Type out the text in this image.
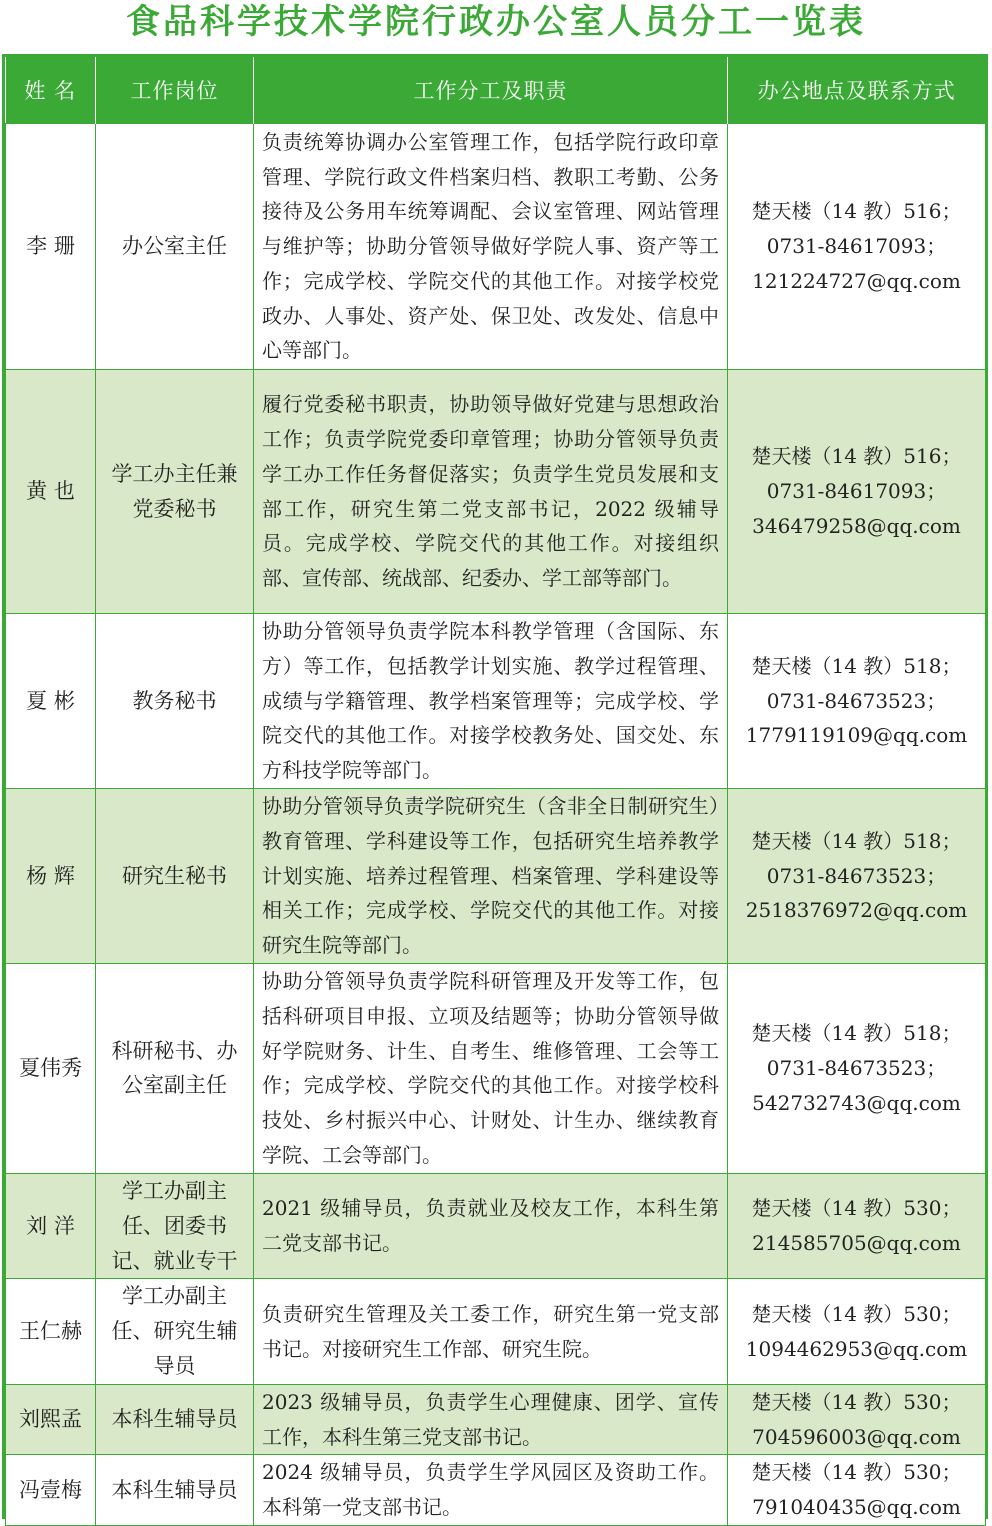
食品科学技术学院行政办公室人员分工一览表
姓 名	工作岗位	工作分工及职责	办公地点及联系方式
李 珊	办公室主任	负责统筹协调办公室管理工作，包括学院行政印章管理、学院行政文件档案归档、教职工考勤、公务接待及公务用车统筹调配、会议室管理、网站管理与维护等；协助分管领导做好学院人事、资产等工作；完成学校、学院交代的其他工作。对接学校党政办、人事处、资产处、保卫处、改发处、信息中心等部门。	楚天楼（14 教）516；
0731-84617093；
121224727@qq.com

黄 也	学工办主任兼党委秘书	履行党委秘书职责，协助领导做好党建与思想政治工作；负责学院党委印章管理；协助分管领导负责学工办工作任务督促落实；负责学生党员发展和支部工作，研究生第二党支部书记，2022 级辅导员。完成学校、学院交代的其他工作。对接组织部、宣传部、统战部、纪委办、学工部等部门。	楚天楼（14 教）516；
0731-84617093；
346479258@qq.com

夏 彬	教务秘书	协助分管领导负责学院本科教学管理（含国际、东方）等工作，包括教学计划实施、教学过程管理、成绩与学籍管理、教学档案管理等；完成学校、学院交代的其他工作。对接学校教务处、国交处、东方科技学院等部门。	楚天楼（14 教）518；
0731-84673523；
1779119109@qq.com

杨 辉	研究生秘书	协助分管领导负责学院研究生（含非全日制研究生）教育管理、学科建设等工作，包括研究生培养教学计划实施、培养过程管理、档案管理、学科建设等相关工作；完成学校、学院交代的其他工作。对接研究生院等部门。	楚天楼（14 教）518；
0731-84673523；
2518376972@qq.com

夏伟秀	科研秘书、办公室副主任	协助分管领导负责学院科研管理及开发等工作，包括科研项目申报、立项及结题等；协助分管领导做好学院财务、计生、自考生、维修管理、工会等工作；完成学校、学院交代的其他工作。对接学校科技处、乡村振兴中心、计财处、计生办、继续教育学院、工会等部门。	楚天楼（14 教）518；
0731-84673523；
542732743@qq.com

刘 洋	学工办副主任、团委书记、就业专干	2021 级辅导员，负责就业及校友工作，本科生第二党支部书记。	楚天楼（14 教）530；
214585705@qq.com

王仁赫	学工办副主任、研究生辅导员	负责研究生管理及关工委工作，研究生第一党支部书记。对接研究生工作部、研究生院。	楚天楼（14 教）530；
1094462953@qq.com

刘熙孟	本科生辅导员	2023 级辅导员，负责学生心理健康、团学、宣传工作，本科生第三党支部书记。	楚天楼（14 教）530；
704596003@qq.com

冯壹梅	本科生辅导员	2024 级辅导员，负责学生学风园区及资助工作。本科第一党支部书记。	楚天楼（14 教）530；
791040435@qq.com
